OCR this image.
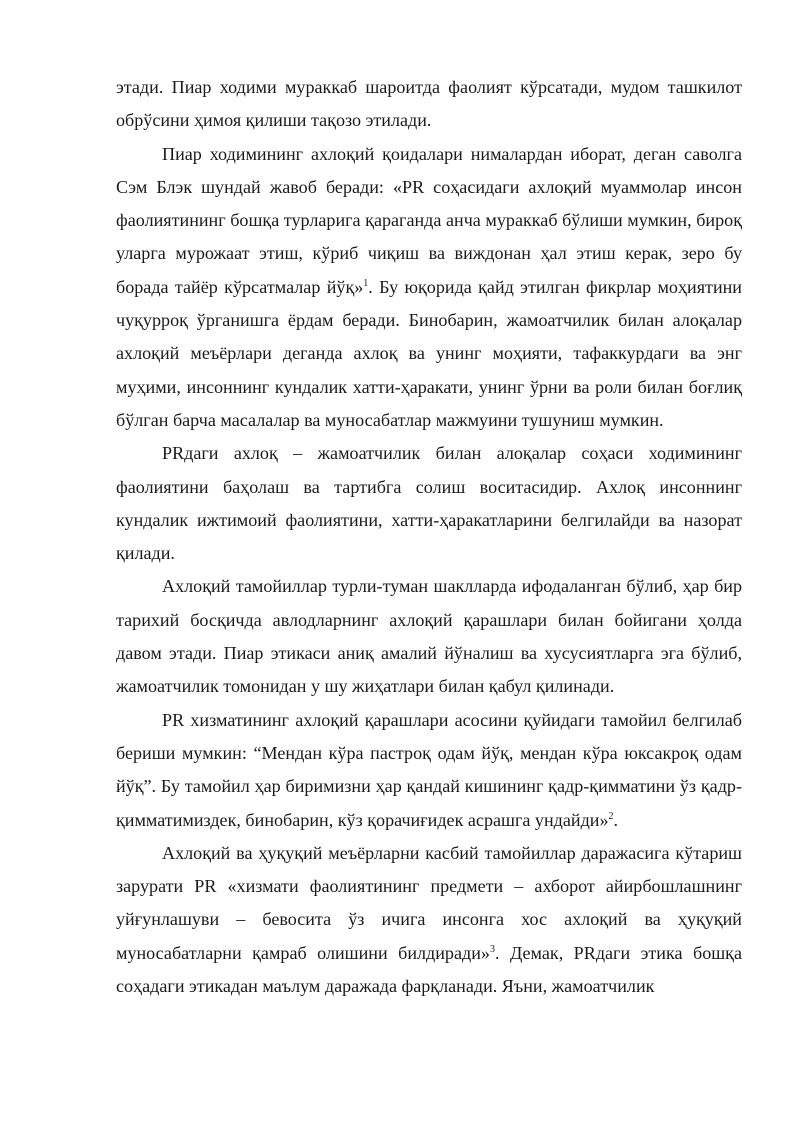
этади. Пиар ходими мураккаб шароитда фаолият кўрсатади, мудом ташкилот обрўсини ҳимоя қилиши тақозо этилади.

Пиар ходимининг ахлоқий қоидалари нималардан иборат, деган саволга Сэм Блэк шундай жавоб беради: «PR соҳасидаги ахлоқий муаммолар инсон фаолиятининг бошқа турларига қараганда анча мураккаб бўлиши мумкин, бироқ уларга мурожаат этиш, кўриб чиқиш ва виждонан ҳал этиш керак, зеро бу борада тайёр кўрсатмалар йўқ»$^1$. Бу юқорида қайд этилган фикрлар моҳиятини чуқурроқ ўрганишга ёрдам беради. Бинобарин, жамоатчилик билан алоқалар ахлоқий меъёрлари деганда ахлоқ ва унинг моҳияти, тафаккурдаги ва энг муҳими, инсоннинг кундалик хатти-ҳаракати, унинг ўрни ва роли билан боғлиқ бўлган барча масалалар ва муносабатлар мажмуини тушуниш мумкин.

PRдаги ахлоқ – жамоатчилик билан алоқалар соҳаси ходимининг фаолиятини баҳолаш ва тартибга солиш воситасидир. Ахлоқ инсоннинг кундалик ижтимоий фаолиятини, хатти-ҳаракатларини белгилайди ва назорат қилади.

Ахлоқий тамойиллар турли-туман шаклларда ифодаланган бўлиб, ҳар бир тарихий босқичда авлодларнинг ахлоқий қарашлари билан бойигани ҳолда давом этади. Пиар этикаси аниқ амалий йўналиш ва хусусиятларга эга бўлиб, жамоатчилик томонидан у шу жиҳатлари билан қабул қилинади.

PR хизматининг ахлоқий қарашлари асосини қуйидаги тамойил белгилаб бериши мумкин: “Мендан кўра пастроқ одам йўқ, мендан кўра юксакроқ одам йўқ”. Бу тамойил ҳар биримизни ҳар қандай кишининг қадр-қимматини ўз қадр-қимматимиздек, бинобарин, кўз қорачиғидек асрашга ундайди»$^2$.

Ахлоқий ва ҳуқуқий меъёрларни касбий тамойиллар даражасига кўтариш зарурати PR «хизмати фаолиятининг предмети – ахборот айирбошлашнинг уйғунлашуви – бевосита ўз ичига инсонга хос ахлоқий ва ҳуқуқий муносабатларни қамраб олишини билдиради»$^3$. Демак, PRдаги этика бошқа соҳадаги этикадан маълум даражада фарқланади. Яъни, жамоатчилик
